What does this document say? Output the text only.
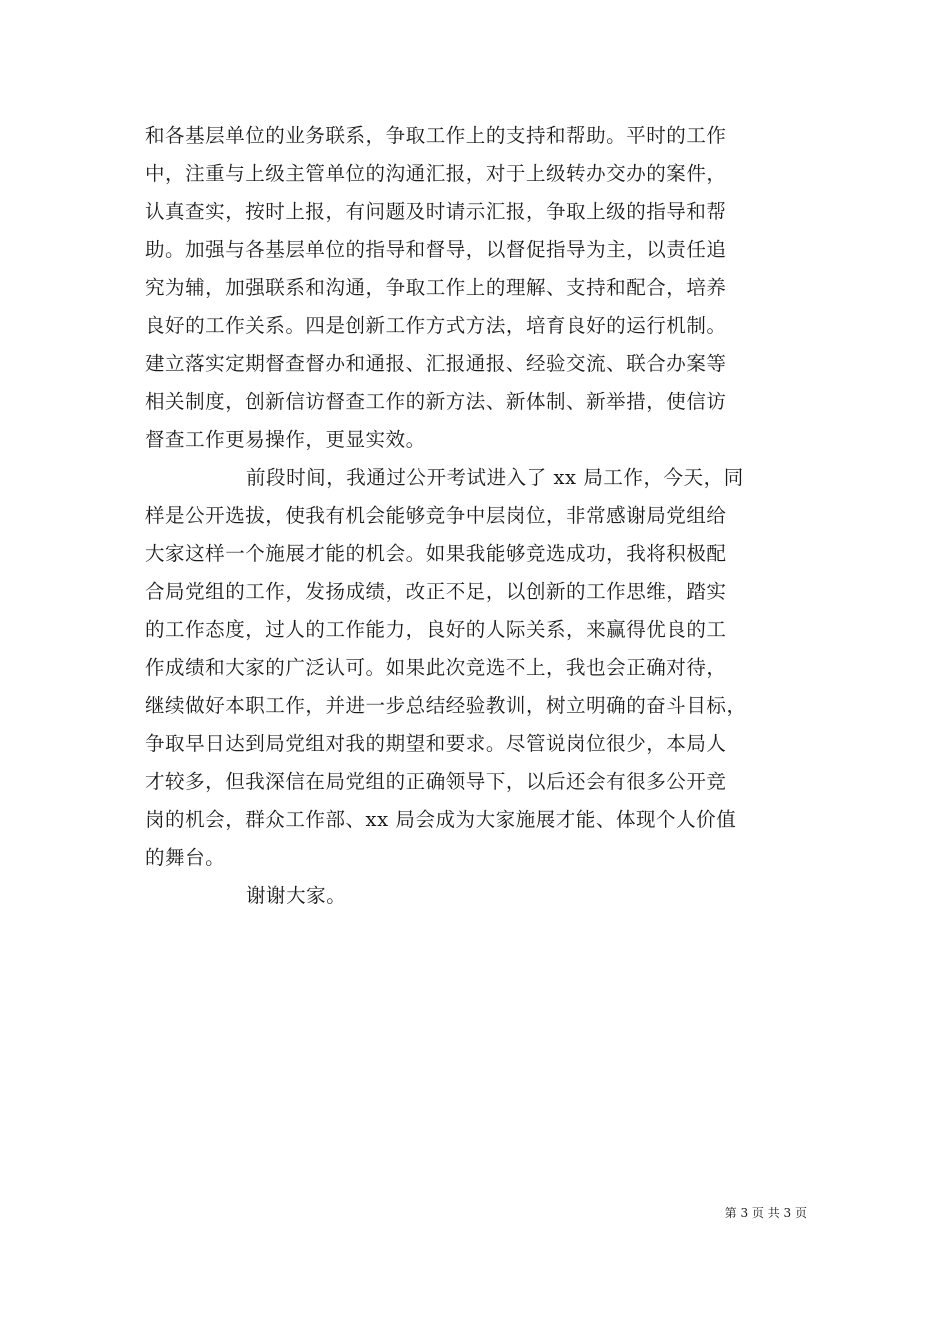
和各基层单位的业务联系，争取工作上的支持和帮助。平时的工作
中，注重与上级主管单位的沟通汇报，对于上级转办交办的案件，
认真查实，按时上报，有问题及时请示汇报，争取上级的指导和帮
助。加强与各基层单位的指导和督导，以督促指导为主，以责任追
究为辅，加强联系和沟通，争取工作上的理解、支持和配合，培养
良好的工作关系。四是创新工作方式方法，培育良好的运行机制。
建立落实定期督查督办和通报、汇报通报、经验交流、联合办案等
相关制度，创新信访督查工作的新方法、新体制、新举措，使信访
督查工作更易操作，更显实效。
前段时间，我通过公开考试进入了 xx 局工作，今天，同
样是公开选拔，使我有机会能够竞争中层岗位，非常感谢局党组给
大家这样一个施展才能的机会。如果我能够竞选成功，我将积极配
合局党组的工作，发扬成绩，改正不足，以创新的工作思维，踏实
的工作态度，过人的工作能力，良好的人际关系，来赢得优良的工
作成绩和大家的广泛认可。如果此次竞选不上，我也会正确对待，
继续做好本职工作，并进一步总结经验教训，树立明确的奋斗目标，
争取早日达到局党组对我的期望和要求。尽管说岗位很少，本局人
才较多，但我深信在局党组的正确领导下，以后还会有很多公开竞
岗的机会，群众工作部、xx 局会成为大家施展才能、体现个人价值
的舞台。
谢谢大家。
第 3 页 共 3 页
